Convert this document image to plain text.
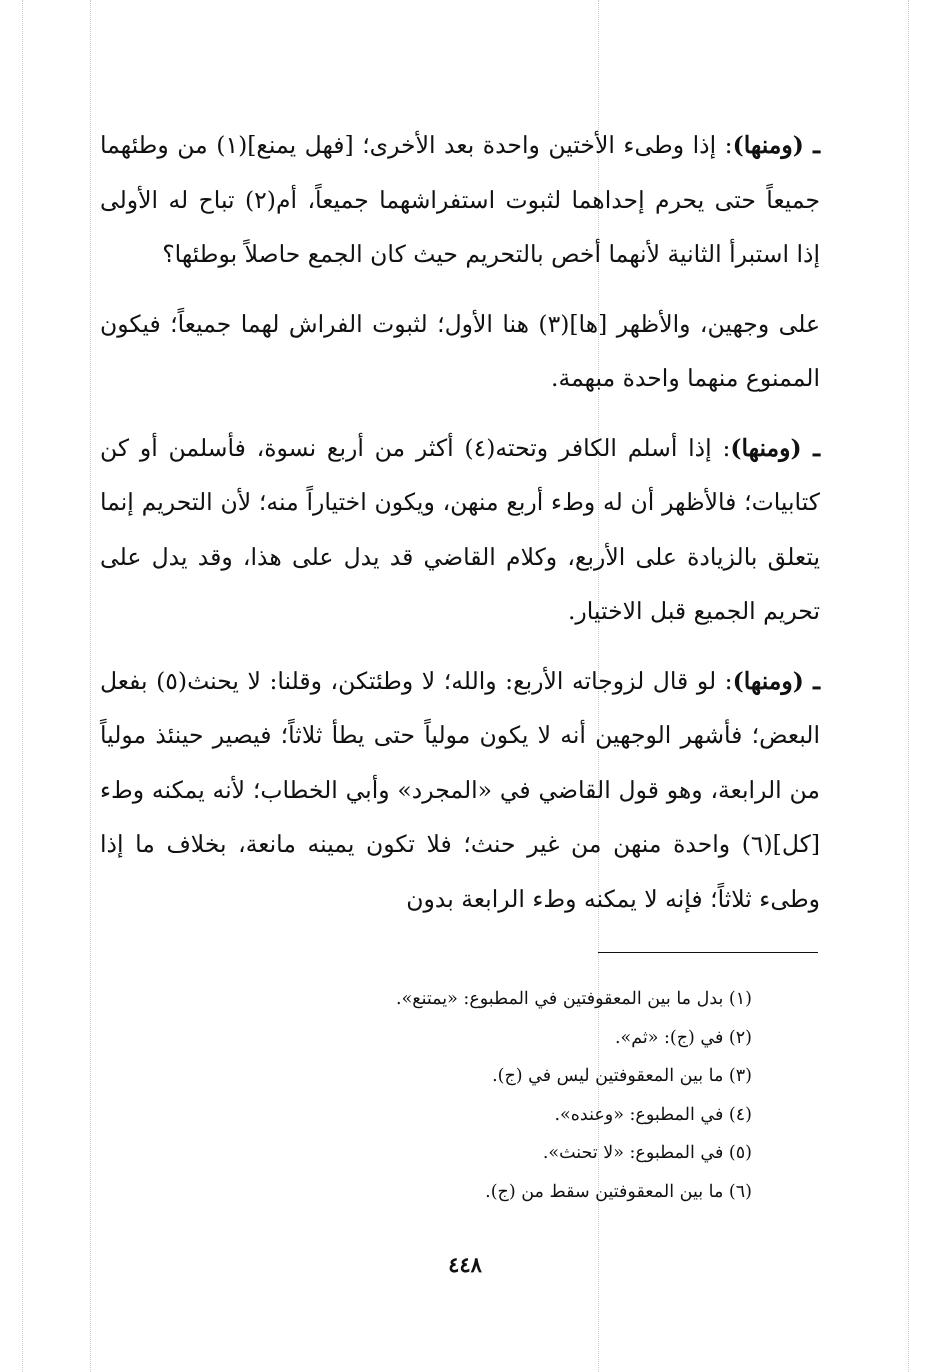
ـ (ومنها): إذا وطىء الأختين واحدة بعد الأخرى؛ [فهل يمنع](١) من وطئهما جميعاً حتى يحرم إحداهما لثبوت استفراشهما جميعاً، أم(٢) تباح له الأولى إذا استبرأ الثانية لأنهما أخص بالتحريم حيث كان الجمع حاصلاً بوطئها؟

على وجهين، والأظهر [ها](٣) هنا الأول؛ لثبوت الفراش لهما جميعاً؛ فيكون الممنوع منهما واحدة مبهمة.

ـ (ومنها): إذا أسلم الكافر وتحته(٤) أكثر من أربع نسوة، فأسلمن أو كن كتابيات؛ فالأظهر أن له وطء أربع منهن، ويكون اختياراً منه؛ لأن التحريم إنما يتعلق بالزيادة على الأربع، وكلام القاضي قد يدل على هذا، وقد يدل على تحريم الجميع قبل الاختيار.

ـ (ومنها): لو قال لزوجاته الأربع: والله؛ لا وطئتكن، وقلنا: لا يحنث(٥) بفعل البعض؛ فأشهر الوجهين أنه لا يكون مولياً حتى يطأ ثلاثاً؛ فيصير حينئذ مولياً من الرابعة، وهو قول القاضي في «المجرد» وأبي الخطاب؛ لأنه يمكنه وطء [كل](٦) واحدة منهن من غير حنث؛ فلا تكون يمينه مانعة، بخلاف ما إذا وطىء ثلاثاً؛ فإنه لا يمكنه وطء الرابعة بدون

(١) بدل ما بين المعقوفتين في المطبوع: «يمتنع».

(٢) في (ج): «ثم».

(٣) ما بين المعقوفتين ليس في (ج).

(٤) في المطبوع: «وعنده».

(٥) في المطبوع: «لا تحنث».

(٦) ما بين المعقوفتين سقط من (ج).

٤٤٨
